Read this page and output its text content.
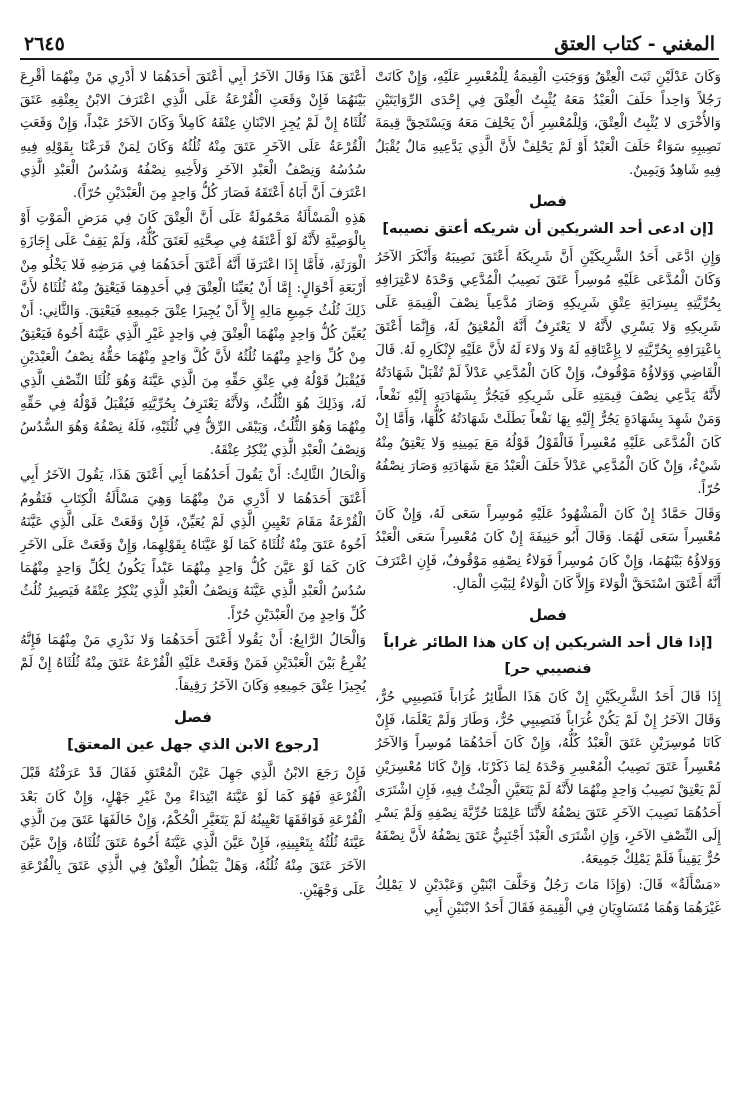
المغني - كتاب العتق
٢٦٤٥

وَكَانَ عَدْلَيْنِ ثَبَتَ الْعِتْقُ وَوَجَبَتِ الْقِيمَةُ لِلْمُعْسِرِ عَلَيْهِ، وَإِنْ كَانَتْ رَجُلاً وَاحِداً حَلَفَ الْعَبْدُ مَعَهُ يُثْبِتُ الْعِتْقَ فِي إِحْدَى الرِّوَايَتَيْنِ وَالأُخْرَى لا يُثْبِتُ الْعِتْقَ، وَلِلْمُعْسِرِ أَنْ يَحْلِفَ مَعَهُ وَيَسْتَحِقَّ قِيمَةَ نَصِيبِهِ سَوَاءٌ حَلَفَ الْعَبْدُ أَوْ لَمْ يَحْلِفْ لأَنَّ الَّذِي يَدَّعِيهِ مَالٌ يُقْبَلُ فِيهِ شَاهِدٌ وَيَمِينٌ.

فصل
[إن ادعى أحد الشريكين أن شريكه أعتق نصيبه]

وَإِنِ ادَّعَى أَحَدُ الشَّرِيكَيْنِ أَنَّ شَرِيكَهُ أَعْتَقَ نَصِيبَهُ وَأَنْكَرَ الآخَرُ وَكَانَ الْمُدَّعَى عَلَيْهِ مُوسِراً عَتَقَ نَصِيبُ الْمُدَّعِي وَحْدَهُ لاعْتِرَافِهِ بِحُرِّيَّتِهِ بِسِرَايَةِ عِتْقِ شَرِيكِهِ وَصَارَ مُدَّعِياً نِصْفَ الْقِيمَةِ عَلَى شَرِيكِهِ وَلا يَسْرِي لأَنَّهُ لا يَعْتَرِفُ أَنَّهُ الْمُعْتِقُ لَهُ، وَإِنَّمَا أَعْتَقَ بِاعْتِرَافِهِ بِحُرِّيَّتِهِ لا بِإِعْتَاقِهِ لَهُ وَلا وَلاءَ لَهُ لأَنَّ عَلَيْهِ لإِنْكَارِهِ لَهُ. قَالَ الْقَاضِي وَوَلاؤُهُ مَوْقُوفٌ، وَإِنْ كَانَ الْمُدَّعِي عَدْلاً لَمْ تُقْبَلْ شَهَادَتُهُ لأَنَّهُ يَدَّعِي نِصْفَ قِيمَتِهِ عَلَى شَرِيكِهِ فَيَجُرُّ بِشَهَادَتِهِ إِلَيْهِ نَفْعاً، وَمَنْ شَهِدَ بِشَهَادَةٍ يَجُرُّ إِلَيْهِ بِهَا نَفْعاً بَطَلَتْ شَهَادَتُهُ كُلُّهَا، وَأَمَّا إِنْ كَانَ الْمُدَّعَى عَلَيْهِ مُعْسِراً فَالْقَوْلُ قَوْلُهُ مَعَ يَمِينِهِ وَلا يَعْتِقُ مِنْهُ شَيْءٌ، وَإِنْ كَانَ الْمُدَّعِي عَدْلاً حَلَفَ الْعَبْدُ مَعَ شَهَادَتِهِ وَصَارَ نِصْفُهُ حُرّاً.

وَقَالَ حَمَّادٌ إِنْ كَانَ الْمَشْهُودُ عَلَيْهِ مُوسِراً سَعَى لَهُ، وَإِنْ كَانَ مُعْسِراً سَعَى لَهُمَا. وَقَالَ أَبُو حَنِيفَةَ إِنْ كَانَ مُعْسِراً سَعَى الْعَبْدُ وَوَلاؤُهُ بَيْنَهُمَا، وَإِنْ كَانَ مُوسِراً فَوَلاءُ نِصْفِهِ مَوْقُوفٌ، فَإِنِ اعْتَرَفَ أَنَّهُ أَعْتَقَ اسْتَحَقَّ الْوَلاءَ وَإِلاَّ كَانَ الْوَلاءُ لِبَيْتِ الْمَالِ.

فصل
[إذا قال أحد الشريكين إن كان هذا الطائر غراباً
فنصيبي حر]

إِذَا قَالَ أَحَدُ الشَّرِيكَيْنِ إِنْ كَانَ هَذَا الطَّائِرُ غُرَاباً فَنَصِيبِي حُرٌّ، وَقَالَ الآخَرُ إِنْ لَمْ يَكُنْ غُرَاباً فَنَصِيبِي حُرٌّ، وَطَارَ وَلَمْ يَعْلَمَا، فَإِنْ كَانَا مُوسِرَيْنِ عَتَقَ الْعَبْدُ كُلُّهُ، وَإِنْ كَانَ أَحَدُهُمَا مُوسِراً وَالآخَرُ مُعْسِراً عَتَقَ نَصِيبُ الْمُعْسِرِ وَحْدَهُ لِمَا ذَكَرْنَا، وَإِنْ كَانَا مُعْسِرَيْنِ لَمْ يَعْتِقْ نَصِيبُ وَاحِدٍ مِنْهُمَا لأَنَّهُ لَمْ يَتَعَيَّنِ الْحِنْثُ فِيهِ، فَإِنِ اشْتَرَى أَحَدُهُمَا نَصِيبَ الآخَرِ عَتَقَ نِصْفُهُ لأَنَّنَا عَلِمْنَا حُرِّيَّةَ نِصْفِهِ وَلَمْ يَسْرِ إِلَى النِّصْفِ الآخَرِ، وَإِنِ اشْتَرَى الْعَبْدَ أَجْنَبِيٌّ عَتَقَ نِصْفُهُ لأَنَّ نِصْفَهُ حُرٌّ يَقِيناً فَلَمْ يَمْلِكْ جَمِيعَهُ.

«مَسْأَلَةٌ» قَالَ: (وَإِذَا مَاتَ رَجُلٌ وَخَلَّفَ ابْنَيْنِ وَعَبْدَيْنِ لا يَمْلِكُ غَيْرَهُمَا وَهُمَا مُتَسَاوِيَانِ فِي الْقِيمَةِ فَقَالَ أَحَدُ الابْنَيْنِ أَبِي

أَعْتَقَ هَذَا وَقَالَ الآخَرُ أَبِي أَعْتَقَ أَحَدَهُمَا لا أَدْرِي مَنْ مِنْهُمَا أُقْرِعَ بَيْنَهُمَا فَإِنْ وَقَعَتِ الْقُرْعَةُ عَلَى الَّذِي اعْتَرَفَ الابْنُ بِعِتْقِهِ عَتَقَ ثُلُثَاهُ إِنْ لَمْ يُجِزِ الابْنَانِ عِتْقَهُ كَامِلاً وَكَانَ الآخَرُ عَبْداً، وَإِنْ وَقَعَتِ الْقُرْعَةُ عَلَى الآخَرِ عَتَقَ مِنْهُ ثُلُثُهُ وَكَانَ لِمَنْ قَرَعْنَا بِقَوْلِهِ فِيهِ سُدُسُهُ وَنِصْفُ الْعَبْدِ الآخَرِ وَلأَخِيهِ نِصْفُهُ وَسُدُسُ الْعَبْدِ الَّذِي اعْتَرَفَ أَنَّ أَبَاهُ أَعْتَقَهُ فَصَارَ كُلُّ وَاحِدٍ مِنَ الْعَبْدَيْنِ حُرّاً).

هَذِهِ الْمَسْأَلَةُ مَحْمُولَةٌ عَلَى أَنَّ الْعِتْقَ كَانَ فِي مَرَضِ الْمَوْتِ أَوْ بِالْوَصِيَّةِ لأَنَّهُ لَوْ أَعْتَقَهُ فِي صِحَّتِهِ لَعَتَقَ كُلُّهُ، وَلَمْ يَقِفْ عَلَى إِجَازَةِ الْوَرَثَةِ، فَأَمَّا إِذَا اعْتَرَفَا أَنَّهُ أَعْتَقَ أَحَدَهُمَا فِي مَرَضِهِ فَلا يَخْلُو مِنْ أَرْبَعَةِ أَحْوَالٍ: إِمَّا أَنْ يُعَيِّنَا الْعِتْقَ فِي أَحَدِهِمَا فَيَعْتِقُ مِنْهُ ثُلُثَاهُ لأَنَّ ذَلِكَ ثُلُثُ جَمِيعِ مَالِهِ إِلاَّ أَنْ يُجِيزَا عِتْقَ جَمِيعِهِ فَيَعْتِقَ. وَالثَّانِي: أَنْ يُعَيِّنَ كُلُّ وَاحِدٍ مِنْهُمَا الْعِتْقَ فِي وَاحِدٍ غَيْرِ الَّذِي عَيَّنَهُ أَخُوهُ فَيَعْتِقُ مِنْ كُلِّ وَاحِدٍ مِنْهُمَا ثُلُثُهُ لأَنَّ كُلَّ وَاحِدٍ مِنْهُمَا حَقُّهُ نِصْفُ الْعَبْدَيْنِ فَيُقْبَلُ قَوْلُهُ فِي عِتْقِ حَقِّهِ مِنَ الَّذِي عَيَّنَهُ وَهُوَ ثُلُثَا النِّصْفِ الَّذِي لَهُ، وَذَلِكَ هُوَ الثُّلُثُ، وَلأَنَّهُ يَعْتَرِفُ بِحُرِّيَّتِهِ فَيُقْبَلُ قَوْلُهُ فِي حَقِّهِ مِنْهُمَا وَهُوَ الثُّلُثُ، وَيَبْقَى الرِّقُّ فِي ثُلُثَيْهِ، فَلَهُ نِصْفُهُ وَهُوَ السُّدُسُ وَنِصْفُ الْعَبْدِ الَّذِي يُنْكِرُ عِتْقَهُ.

وَالْحَالُ الثَّالِثُ: أَنْ يَقُولَ أَحَدُهُمَا أَبِي أَعْتَقَ هَذَا، يَقُولَ الآخَرُ أَبِي أَعْتَقَ أَحَدَهُمَا لا أَدْرِي مَنْ مِنْهُمَا وَهِيَ مَسْأَلَةُ الْكِتَابِ فَتَقُومُ الْقُرْعَةُ مَقَامَ تَعْيِينِ الَّذِي لَمْ يُعَيِّنْ، فَإِنْ وَقَعَتْ عَلَى الَّذِي عَيَّنَهُ أَخُوهُ عَتَقَ مِنْهُ ثُلُثَاهُ كَمَا لَوْ عَيَّنَاهُ بِقَوْلِهِمَا، وَإِنْ وَقَعَتْ عَلَى الآخَرِ كَانَ كَمَا لَوْ عَيَّنَ كُلُّ وَاحِدٍ مِنْهُمَا عَبْداً يَكُونُ لِكُلِّ وَاحِدٍ مِنْهُمَا سُدُسُ الْعَبْدِ الَّذِي عَيَّنَهُ وَنِصْفُ الْعَبْدِ الَّذِي يُنْكِرُ عِتْقَهُ فَيَصِيرُ ثُلُثُ كُلِّ وَاحِدٍ مِنَ الْعَبْدَيْنِ حُرّاً.

وَالْحَالُ الرَّابِعُ: أَنْ يَقُولا أَعْتَقَ أَحَدَهُمَا وَلا نَدْرِي مَنْ مِنْهُمَا فَإِنَّهُ يُقْرِعُ بَيْنَ الْعَبْدَيْنِ فَمَنْ وَقَعَتْ عَلَيْهِ الْقُرْعَةُ عَتَقَ مِنْهُ ثُلُثَاهُ إِنْ لَمْ يُجِيزَا عِتْقَ جَمِيعِهِ وَكَانَ الآخَرُ رَقِيقاً.

فصل
[رجوع الابن الذي جهل عين المعتق]

فَإِنْ رَجَعَ الابْنُ الَّذِي جَهِلَ عَيْنَ الْمُعْتَقِ فَقَالَ قَدْ عَرَفْتُهُ قَبْلَ الْقُرْعَةِ فَهُوَ كَمَا لَوْ عَيَّنَهُ ابْتِدَاءً مِنْ غَيْرِ جَهْلٍ، وَإِنْ كَانَ بَعْدَ الْقُرْعَةِ فَوَافَقَهَا تَعْيِينُهُ لَمْ يَتَغَيَّرِ الْحُكْمُ، وَإِنْ خَالَفَهَا عَتَقَ مِنَ الَّذِي عَيَّنَهُ ثُلُثُهُ بِتَعْيِينِهِ، فَإِنْ عَيَّنَ الَّذِي عَيَّنَهُ أَخُوهُ عَتَقَ ثُلُثَاهُ، وَإِنْ عَيَّنَ الآخَرَ عَتَقَ مِنْهُ ثُلُثُهُ، وَهَلْ يَبْطُلُ الْعِتْقُ فِي الَّذِي عَتَقَ بِالْقُرْعَةِ عَلَى وَجْهَيْنِ.
